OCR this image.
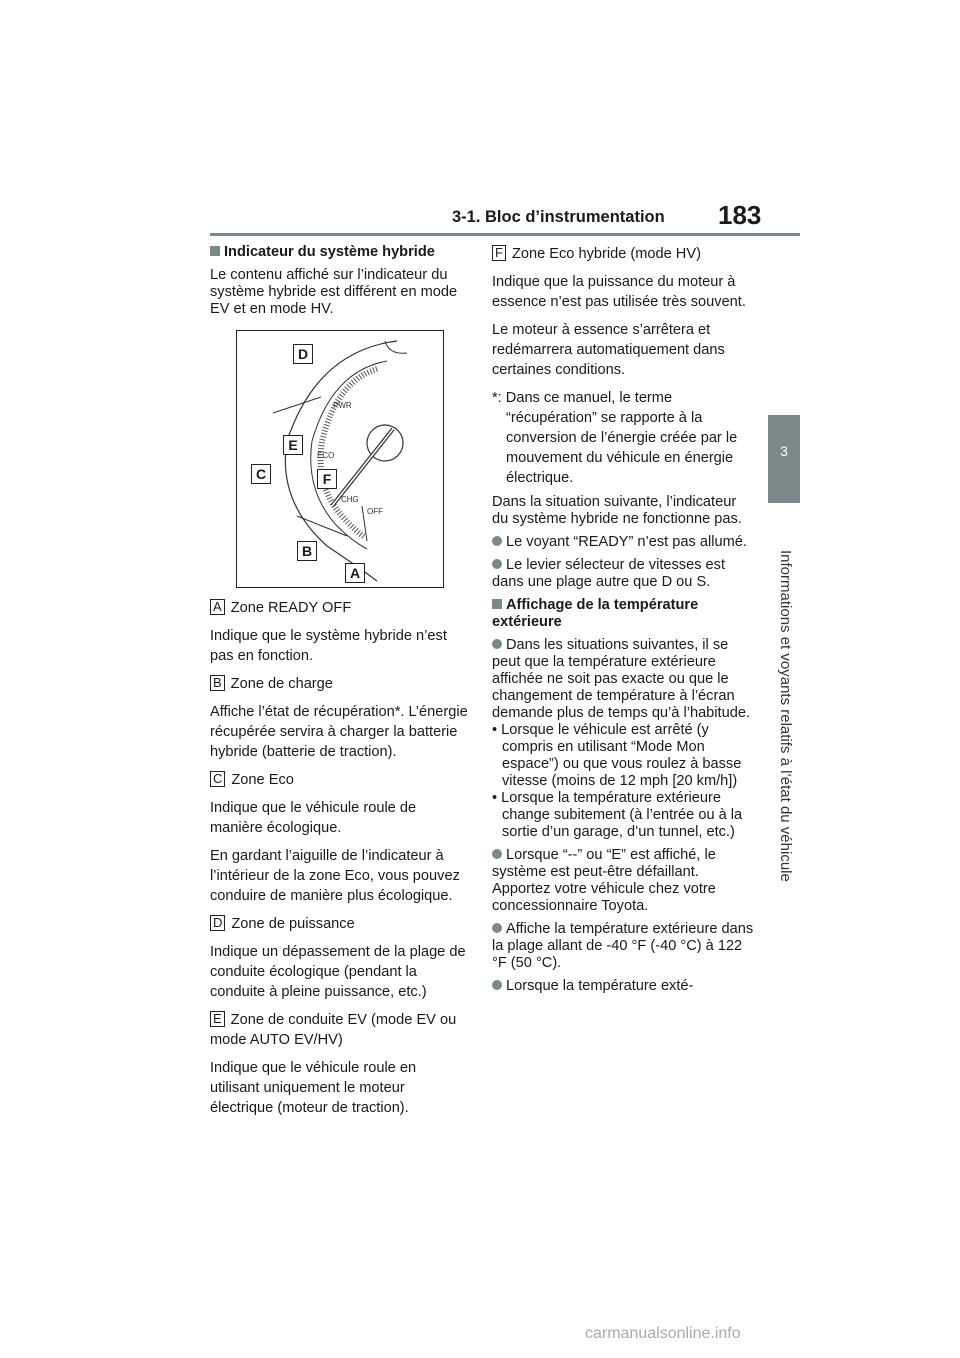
3-1. Bloc d’instrumentation 183
3
Informations et voyants relatifs à l’état du véhicule

Indicateur du système hybride

Le contenu affiché sur l’indicateur du système hybride est différent en mode EV et en mode HV.

PWR
ECO
CHG
OFF
D
E
C	F
B
A

A Zone READY OFF

Indique que le système hybride n’est pas en fonction.

B Zone de charge

Affiche l’état de récupération*. L’énergie récupérée servira à charger la batterie hybride (batterie de traction).

C Zone Eco

Indique que le véhicule roule de manière écologique.

En gardant l’aiguille de l’indicateur à l’intérieur de la zone Eco, vous pouvez conduire de manière plus écologique.

D Zone de puissance

Indique un dépassement de la plage de conduite écologique (pendant la conduite à pleine puissance, etc.)

E Zone de conduite EV (mode EV ou mode AUTO EV/HV)

Indique que le véhicule roule en utilisant uniquement le moteur électrique (moteur de traction).

F Zone Eco hybride (mode HV)

Indique que la puissance du moteur à essence n’est pas utilisée très souvent.

Le moteur à essence s’arrêtera et redémarrera automatiquement dans certaines conditions.

*: Dans ce manuel, le terme “récupération” se rapporte à la conversion de l’énergie créée par le mouvement du véhicule en énergie électrique.

Dans la situation suivante, l’indicateur du système hybride ne fonctionne pas.

Le voyant “READY” n’est pas allumé.

Le levier sélecteur de vitesses est dans une plage autre que D ou S.

Affichage de la température extérieure

Dans les situations suivantes, il se peut que la température extérieure affichée ne soit pas exacte ou que le changement de température à l’écran demande plus de temps qu’à l’habitude.

• Lorsque le véhicule est arrêté (y compris en utilisant “Mode Mon espace”) ou que vous roulez à basse vitesse (moins de 12 mph [20 km/h])

• Lorsque la température extérieure change subitement (à l’entrée ou à la sortie d’un garage, d’un tunnel, etc.)

Lorsque “--” ou “E” est affiché, le système est peut-être défaillant. Apportez votre véhicule chez votre concessionnaire Toyota.

Affiche la température extérieure dans la plage allant de -40 °F (-40 °C) à 122 °F (50 °C).

Lorsque la température exté-

carmanualsonline.info
